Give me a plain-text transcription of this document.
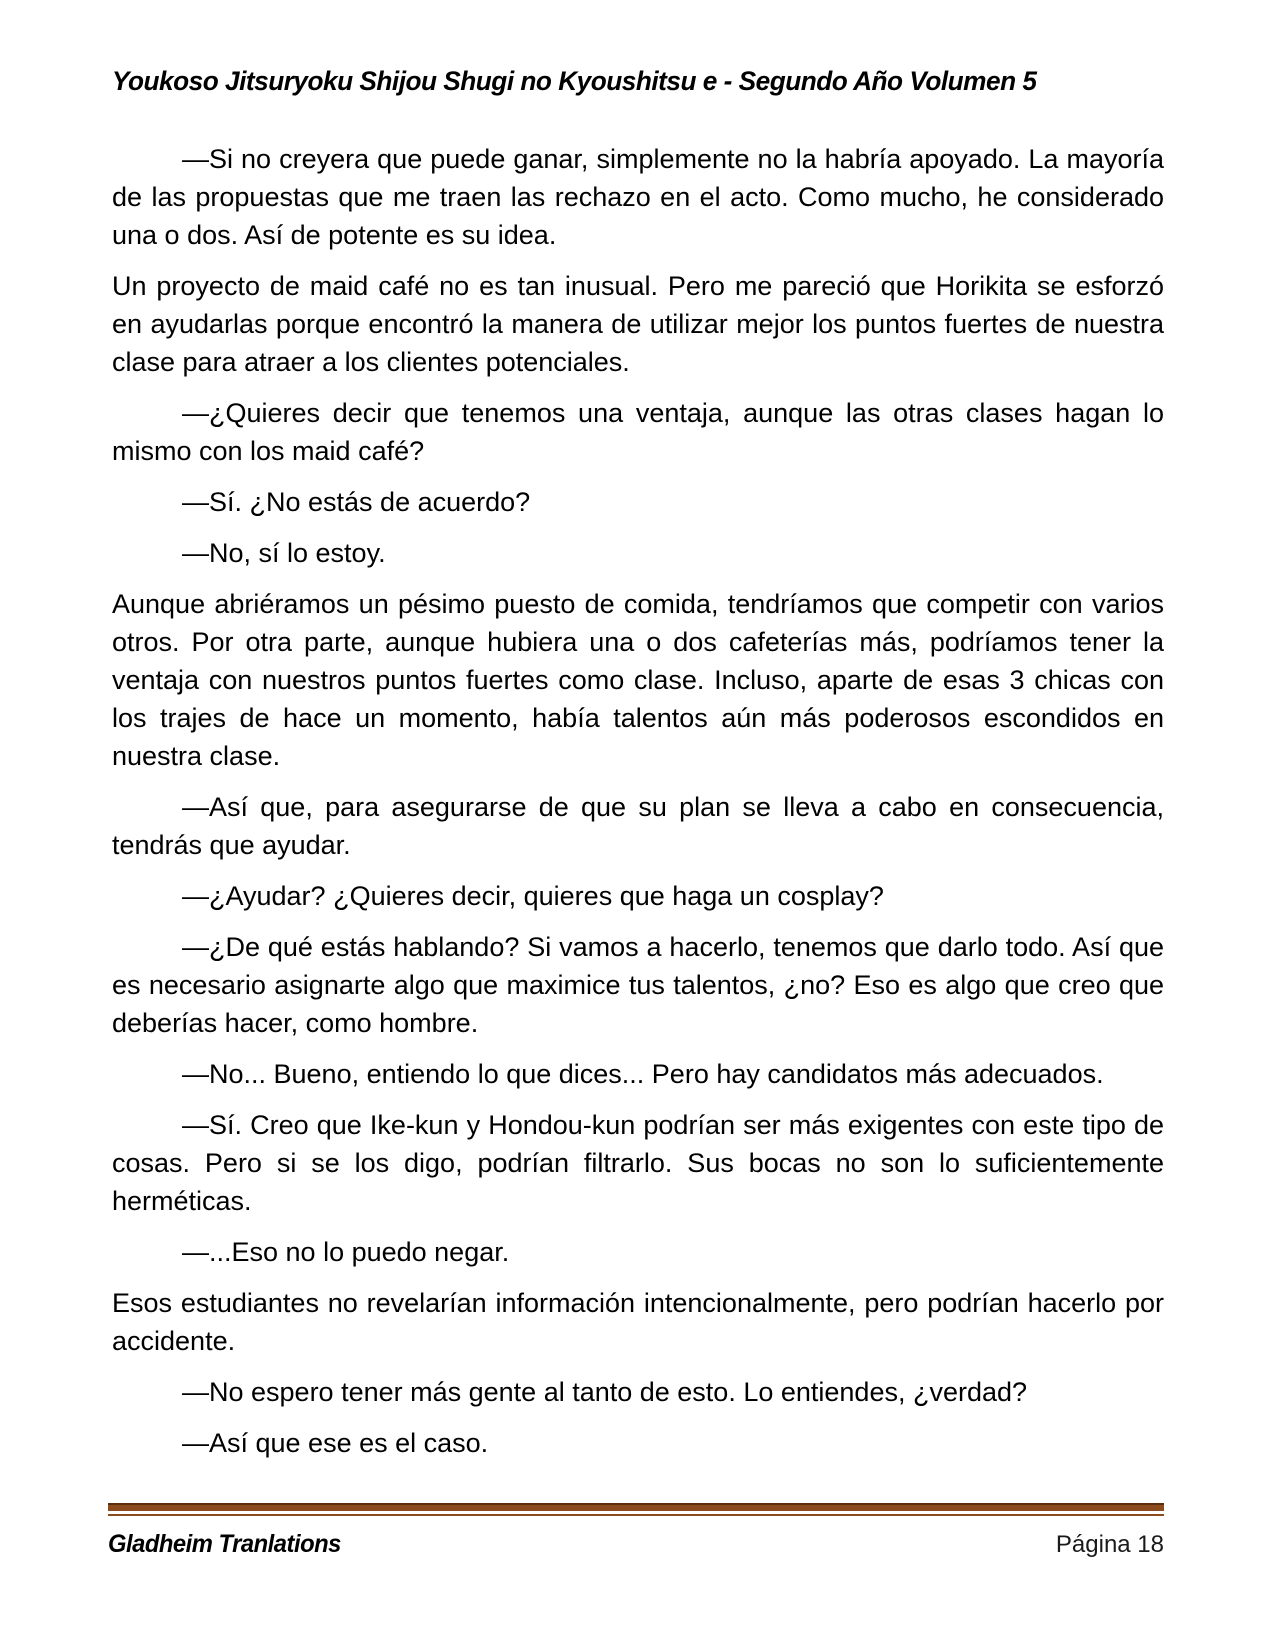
Youkoso Jitsuryoku Shijou Shugi no Kyoushitsu e - Segundo Año Volumen 5

—Si no creyera que puede ganar, simplemente no la habría apoyado. La mayoría de las propuestas que me traen las rechazo en el acto. Como mucho, he considerado una o dos. Así de potente es su idea.

Un proyecto de maid café no es tan inusual. Pero me pareció que Horikita se esforzó en ayudarlas porque encontró la manera de utilizar mejor los puntos fuertes de nuestra clase para atraer a los clientes potenciales.

—¿Quieres decir que tenemos una ventaja, aunque las otras clases hagan lo mismo con los maid café?

—Sí. ¿No estás de acuerdo?

—No, sí lo estoy.

Aunque abriéramos un pésimo puesto de comida, tendríamos que competir con varios otros. Por otra parte, aunque hubiera una o dos cafeterías más, podríamos tener la ventaja con nuestros puntos fuertes como clase. Incluso, aparte de esas 3 chicas con los trajes de hace un momento, había talentos aún más poderosos escondidos en nuestra clase.

—Así que, para asegurarse de que su plan se lleva a cabo en consecuencia, tendrás que ayudar.

—¿Ayudar? ¿Quieres decir, quieres que haga un cosplay?

—¿De qué estás hablando? Si vamos a hacerlo, tenemos que darlo todo. Así que es necesario asignarte algo que maximice tus talentos, ¿no? Eso es algo que creo que deberías hacer, como hombre.

—No... Bueno, entiendo lo que dices... Pero hay candidatos más adecuados.

—Sí. Creo que Ike-kun y Hondou-kun podrían ser más exigentes con este tipo de cosas. Pero si se los digo, podrían filtrarlo. Sus bocas no son lo suficientemente herméticas.

—...Eso no lo puedo negar.

Esos estudiantes no revelarían información intencionalmente, pero podrían hacerlo por accidente.

—No espero tener más gente al tanto de esto. Lo entiendes, ¿verdad?

—Así que ese es el caso.

Gladheim Tranlations	Página 18
